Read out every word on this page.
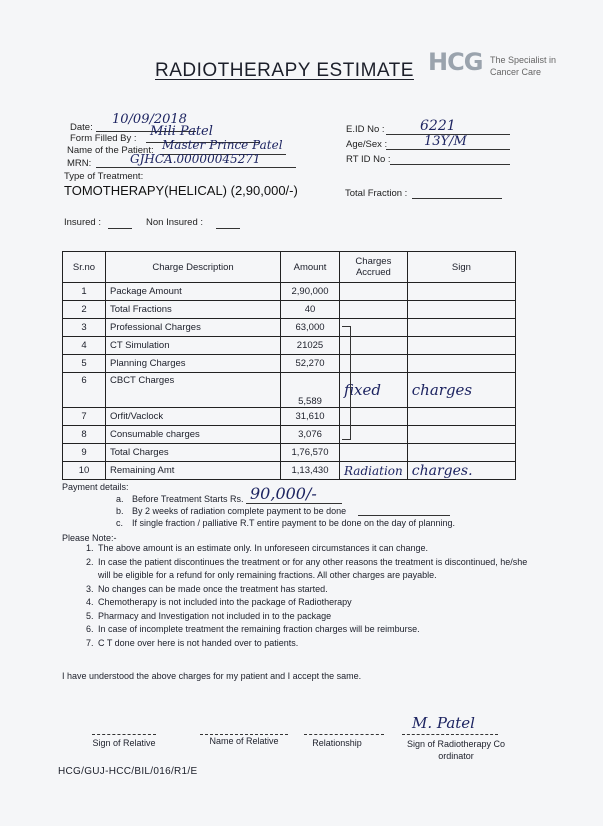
RADIOTHERAPY ESTIMATE HCG The Specialist in Cancer Care
Date:
10/09/2018
Form Filled By : Mili Patel
Name of the Patient: Master Prince Patel
MRN:	GJHCA.00000045271
Type of Treatment:
TOMOTHERAPY(HELICAL) (2,90,000/-)
E.ID No :	6221
Age/Sex :	13Y/M
RT ID No :
Total Fraction :
Insured :	Non Insured :
Sr.no	Charge Description	Amount	Charges Accrued	Sign
1	Package Amount	2,90,000		
2	Total Fractions	40		
3	Professional Charges	63,000		
4	CT Simulation	21025		
5	Planning Charges	52,270		
6	CBCT Charges	5,589	fixed	charges
7	Orfit/Vaclock	31,610		
8	Consumable charges	3,076		
9	Total Charges	1,76,570		
10	Remaining Amt	1,13,430	Radiation	charges.
Payment details:
a. Before Treatment Starts Rs. 90,000/-
b. By 2 weeks of radiation complete payment to be done
c. If single fraction / palliative R.T entire payment to be done on the day of planning.
Please Note:-
1. The above amount is an estimate only. In unforeseen circumstances it can change.
2. In case the patient discontinues the treatment or for any other reasons the treatment is discontinued, he/she will be eligible for a refund for only remaining fractions. All other charges are payable.
3. No changes can be made once the treatment has started.
4. Chemotherapy is not included into the package of Radiotherapy
5. Pharmacy and Investigation not included in to the package
6. In case of incomplete treatment the remaining fraction charges will be reimburse.
7. C T done over here is not handed over to patients.
I have understood the above charges for my patient and I accept the same.
M. Patel
Sign of Relative	Name of Relative	Relationship	Sign of Radiotherapy Co ordinator
HCG/GUJ-HCC/BIL/016/R1/E
